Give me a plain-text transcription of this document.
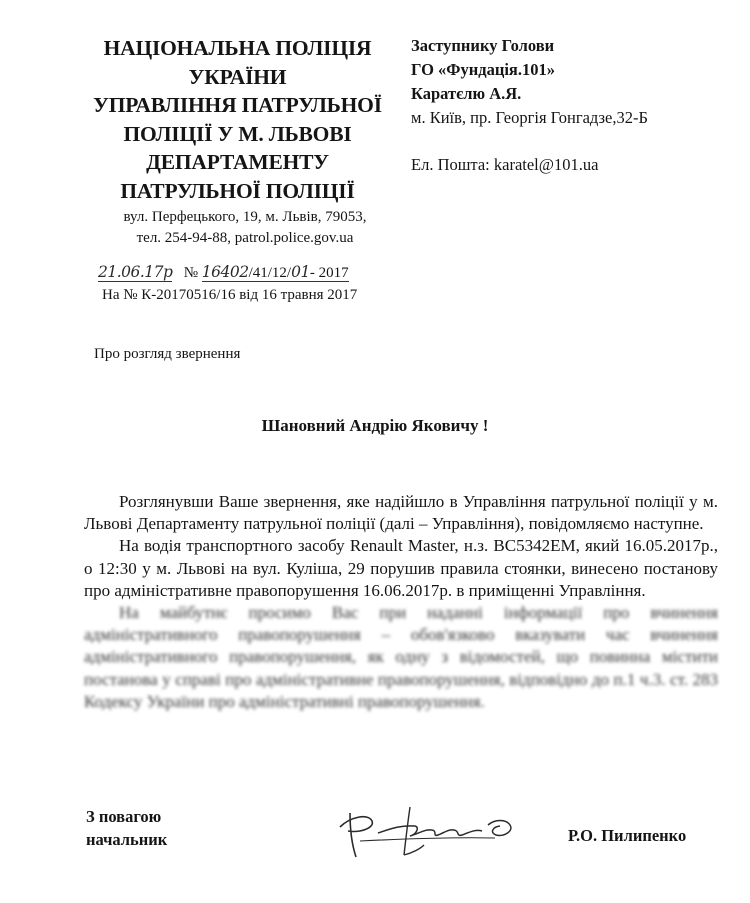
НАЦІОНАЛЬНА ПОЛІЦІЯ
УКРАЇНИ
УПРАВЛІННЯ ПАТРУЛЬНОЇ
ПОЛІЦІЇ У М. ЛЬВОВІ
ДЕПАРТАМЕНТУ
ПАТРУЛЬНОЇ ПОЛІЦІЇ
вул. Перфецького, 19, м. Львів, 79053,
тел. 254-94-88, patrol.police.gov.ua
21.06.17р № 16402/41/12/01- 2017
На № К-20170516/16 від 16 травня 2017
Заступнику Голови
ГО «Фундація.101»
Каратєлю А.Я.
м. Київ, пр. Георгія Гонгадзе,32-Б
Ел. Пошта: karatel@101.ua
Про розгляд звернення
Шановний Андрію Яковичу !

Розглянувши Ваше звернення, яке надійшло в Управління патрульної поліції у м. Львові Департаменту патрульної поліції (далі – Управління), повідомляємо наступне.

На водія транспортного засобу Renault Master, н.з. ВС5342ЕМ, який 16.05.2017р., о 12:30 у м. Львові на вул. Куліша, 29 порушив правила стоянки, винесено постанову про адміністративне правопорушення 16.06.2017р. в приміщенні Управління.

На майбутнє просимо Вас при наданні інформації про вчинення адміністративного правопорушення – обов'язково вказувати час вчинення адміністративного правопорушення, як одну з відомостей, що повинна містити постанова у справі про адміністративне правопорушення, відповідно до п.1 ч.3. ст. 283 Кодексу України про адміністративні правопорушення.

З повагою
начальник	Р.О. Пилипенко
